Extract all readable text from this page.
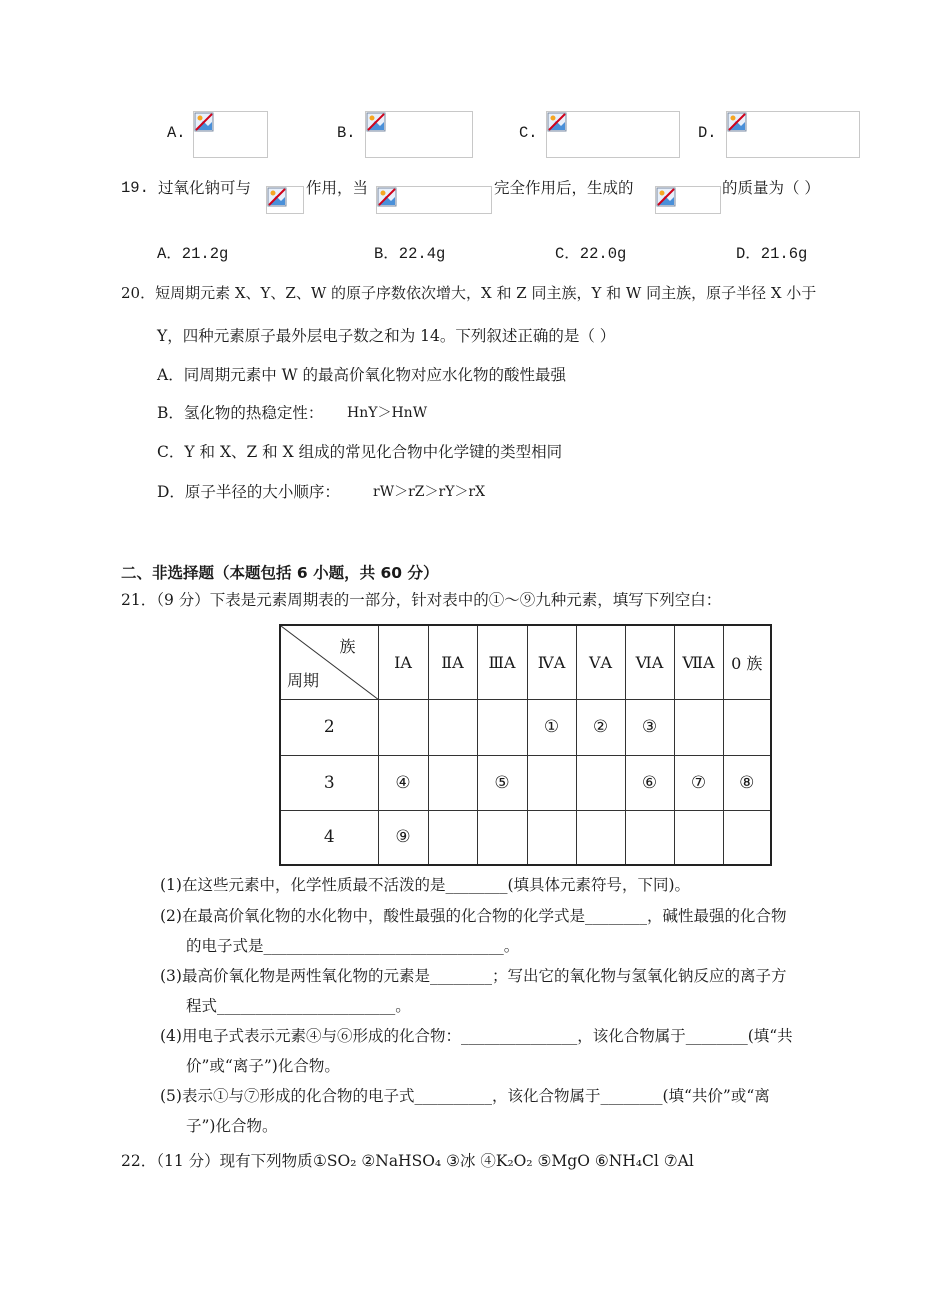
A.	B.	C.	D.
19. 过氧化钠可与	作用，当	完全作用后，生成的	的质量为（ ）
A．21.2g	B．22.4g	C．22.0g	D．21.6g
20．短周期元素 X、Y、Z、W 的原子序数依次增大，X 和 Z 同主族，Y 和 W 同主族，原子半径 X 小于
Y，四种元素原子最外层电子数之和为 14。下列叙述正确的是（ ）
A．同周期元素中 W 的最高价氧化物对应水化物的酸性最强
B．氢化物的热稳定性： HnY＞HnW
C．Y 和 X、Z 和 X 组成的常见化合物中化学键的类型相同
D．原子半径的大小顺序： rW＞rZ＞rY＞rX
二、非选择题（本题包括 6 小题，共 60 分）
21．（9 分）下表是元素周期表的一部分，针对表中的①～⑨九种元素，填写下列空白：
族
周期	ⅠA	ⅡA	ⅢA	ⅣA	ⅤA	ⅥA	ⅦA	0 族
2				①	②	③		
3	④		⑤			⑥	⑦	⑧
4	⑨							
(1)在这些元素中，化学性质最不活泼的是________(填具体元素符号，下同)。
(2)在最高价氧化物的水化物中，酸性最强的化合物的化学式是________，碱性最强的化合物
的电子式是_______________________________。
(3)最高价氧化物是两性氧化物的元素是________；写出它的氧化物与氢氧化钠反应的离子方
程式_______________________。
(4)用电子式表示元素④与⑥形成的化合物：_______________，该化合物属于________(填“共
价”或“离子”)化合物。
(5)表示①与⑦形成的化合物的电子式__________，该化合物属于________(填“共价”或“离
子”)化合物。
22．（11 分）现有下列物质 ①SO₂ ②NaHSO₄ ③冰 ④K₂O₂ ⑤MgO ⑥NH₄Cl ⑦Al
